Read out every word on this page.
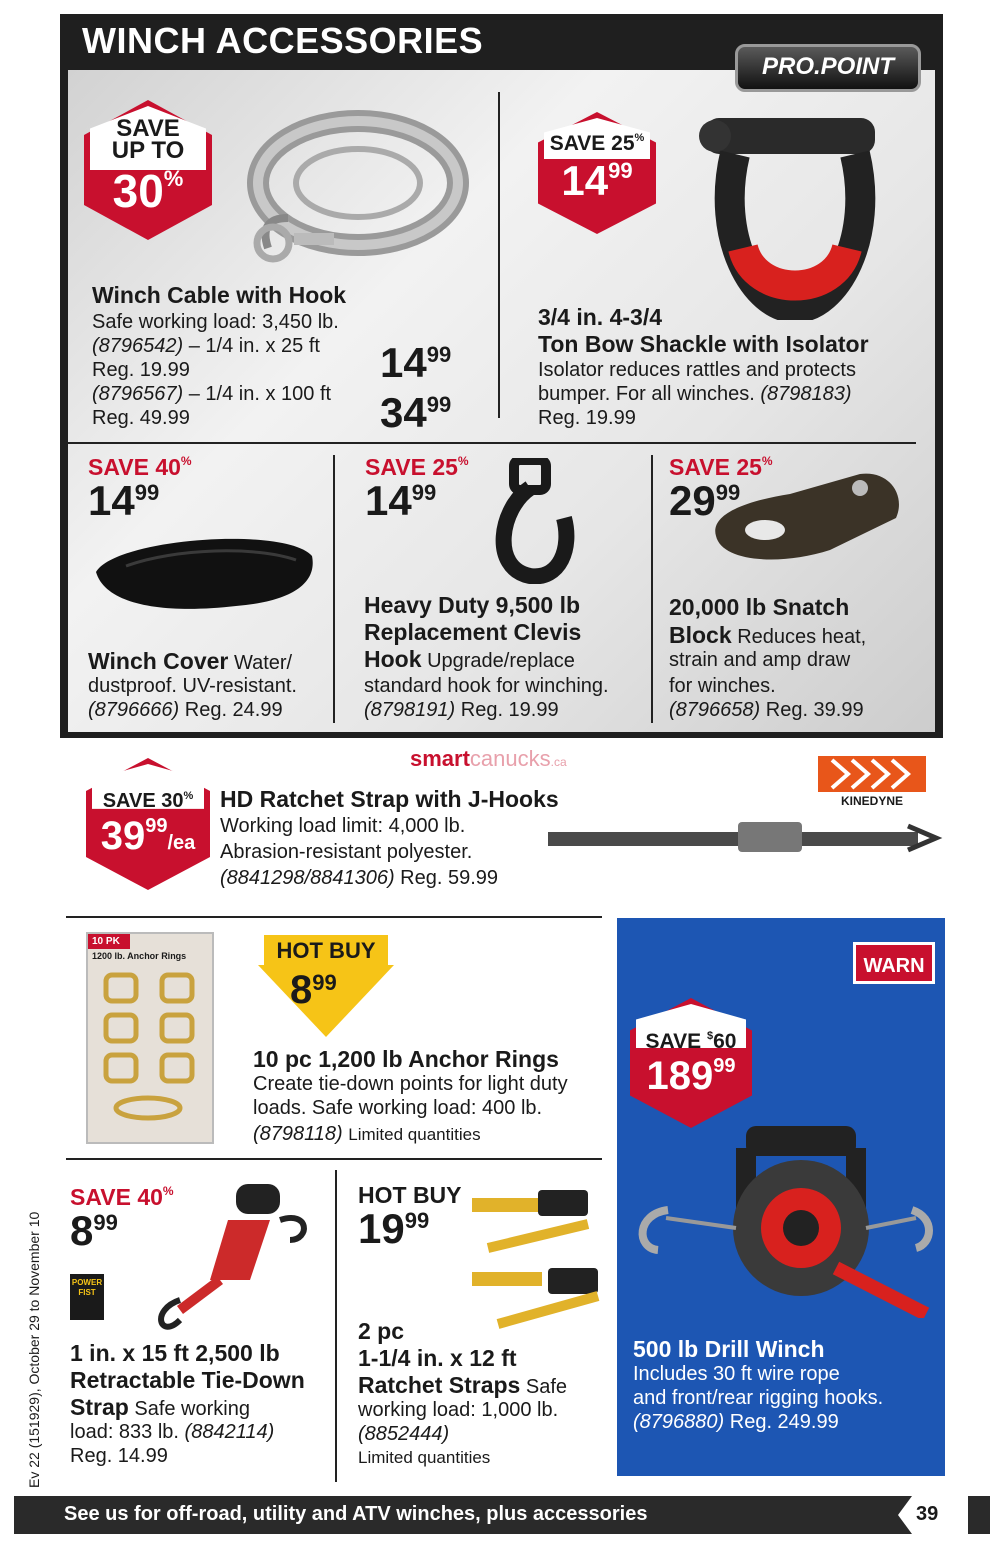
WINCH ACCESSORIES
PRO.POINT
SAVE
UP TO
30%
Winch Cable with Hook
Safe working load: 3,450 lb.
(8796542) – 1/4 in. x 25 ft
Reg. 19.99
(8796567) – 1/4 in. x 100 ft
Reg. 49.99
$14^{99}$
$34^{99}$
SAVE 25%
$14^{99}$
3/4 in. 4-3/4
Ton Bow Shackle with Isolator
Isolator reduces rattles and protects
bumper. For all winches. (8798183)
Reg. 19.99
SAVE 40%
$14^{99}$
Winch Cover Water/
dustproof. UV-resistant.
(8796666) Reg. 24.99
SAVE 25%
$14^{99}$
Heavy Duty 9,500 lb
Replacement Clevis
Hook Upgrade/replace
standard hook for winching.
(8798191) Reg. 19.99
SAVE 25%
$29^{99}$
20,000 lb Snatch
Block Reduces heat,
strain and amp draw
for winches.
(8796658) Reg. 39.99
smartcanucks.ca
SAVE 30%
$39^{99}/ea$
HD Ratchet Strap with J-Hooks
Working load limit: 4,000 lb.
Abrasion-resistant polyester.
(8841298/8841306) Reg. 59.99
KINEDYNE
10 PK
1200 lb. Anchor Rings	HOT BUY
$8^{99}$
10 pc 1,200 lb Anchor Rings
Create tie-down points for light duty
loads. Safe working load: 400 lb.
(8798118) Limited quantities
WARN
SAVE $60
$189^{99}$
500 lb Drill Winch
Includes 30 ft wire rope
and front/rear rigging hooks.
(8796880) Reg. 249.99
SAVE 40%
$8^{99}$
POWER FIST
1 in. x 15 ft 2,500 lb
Retractable Tie-Down
Strap Safe working
load: 833 lb. (8842114)
Reg. 14.99
HOT BUY
$19^{99}$
2 pc
1-1/4 in. x 12 ft
Ratchet Straps Safe
working load: 1,000 lb.
(8852444)
Limited quantities
Ev 22 (151929), October 29 to November 10
See us for off-road, utility and ATV winches, plus accessories	39
